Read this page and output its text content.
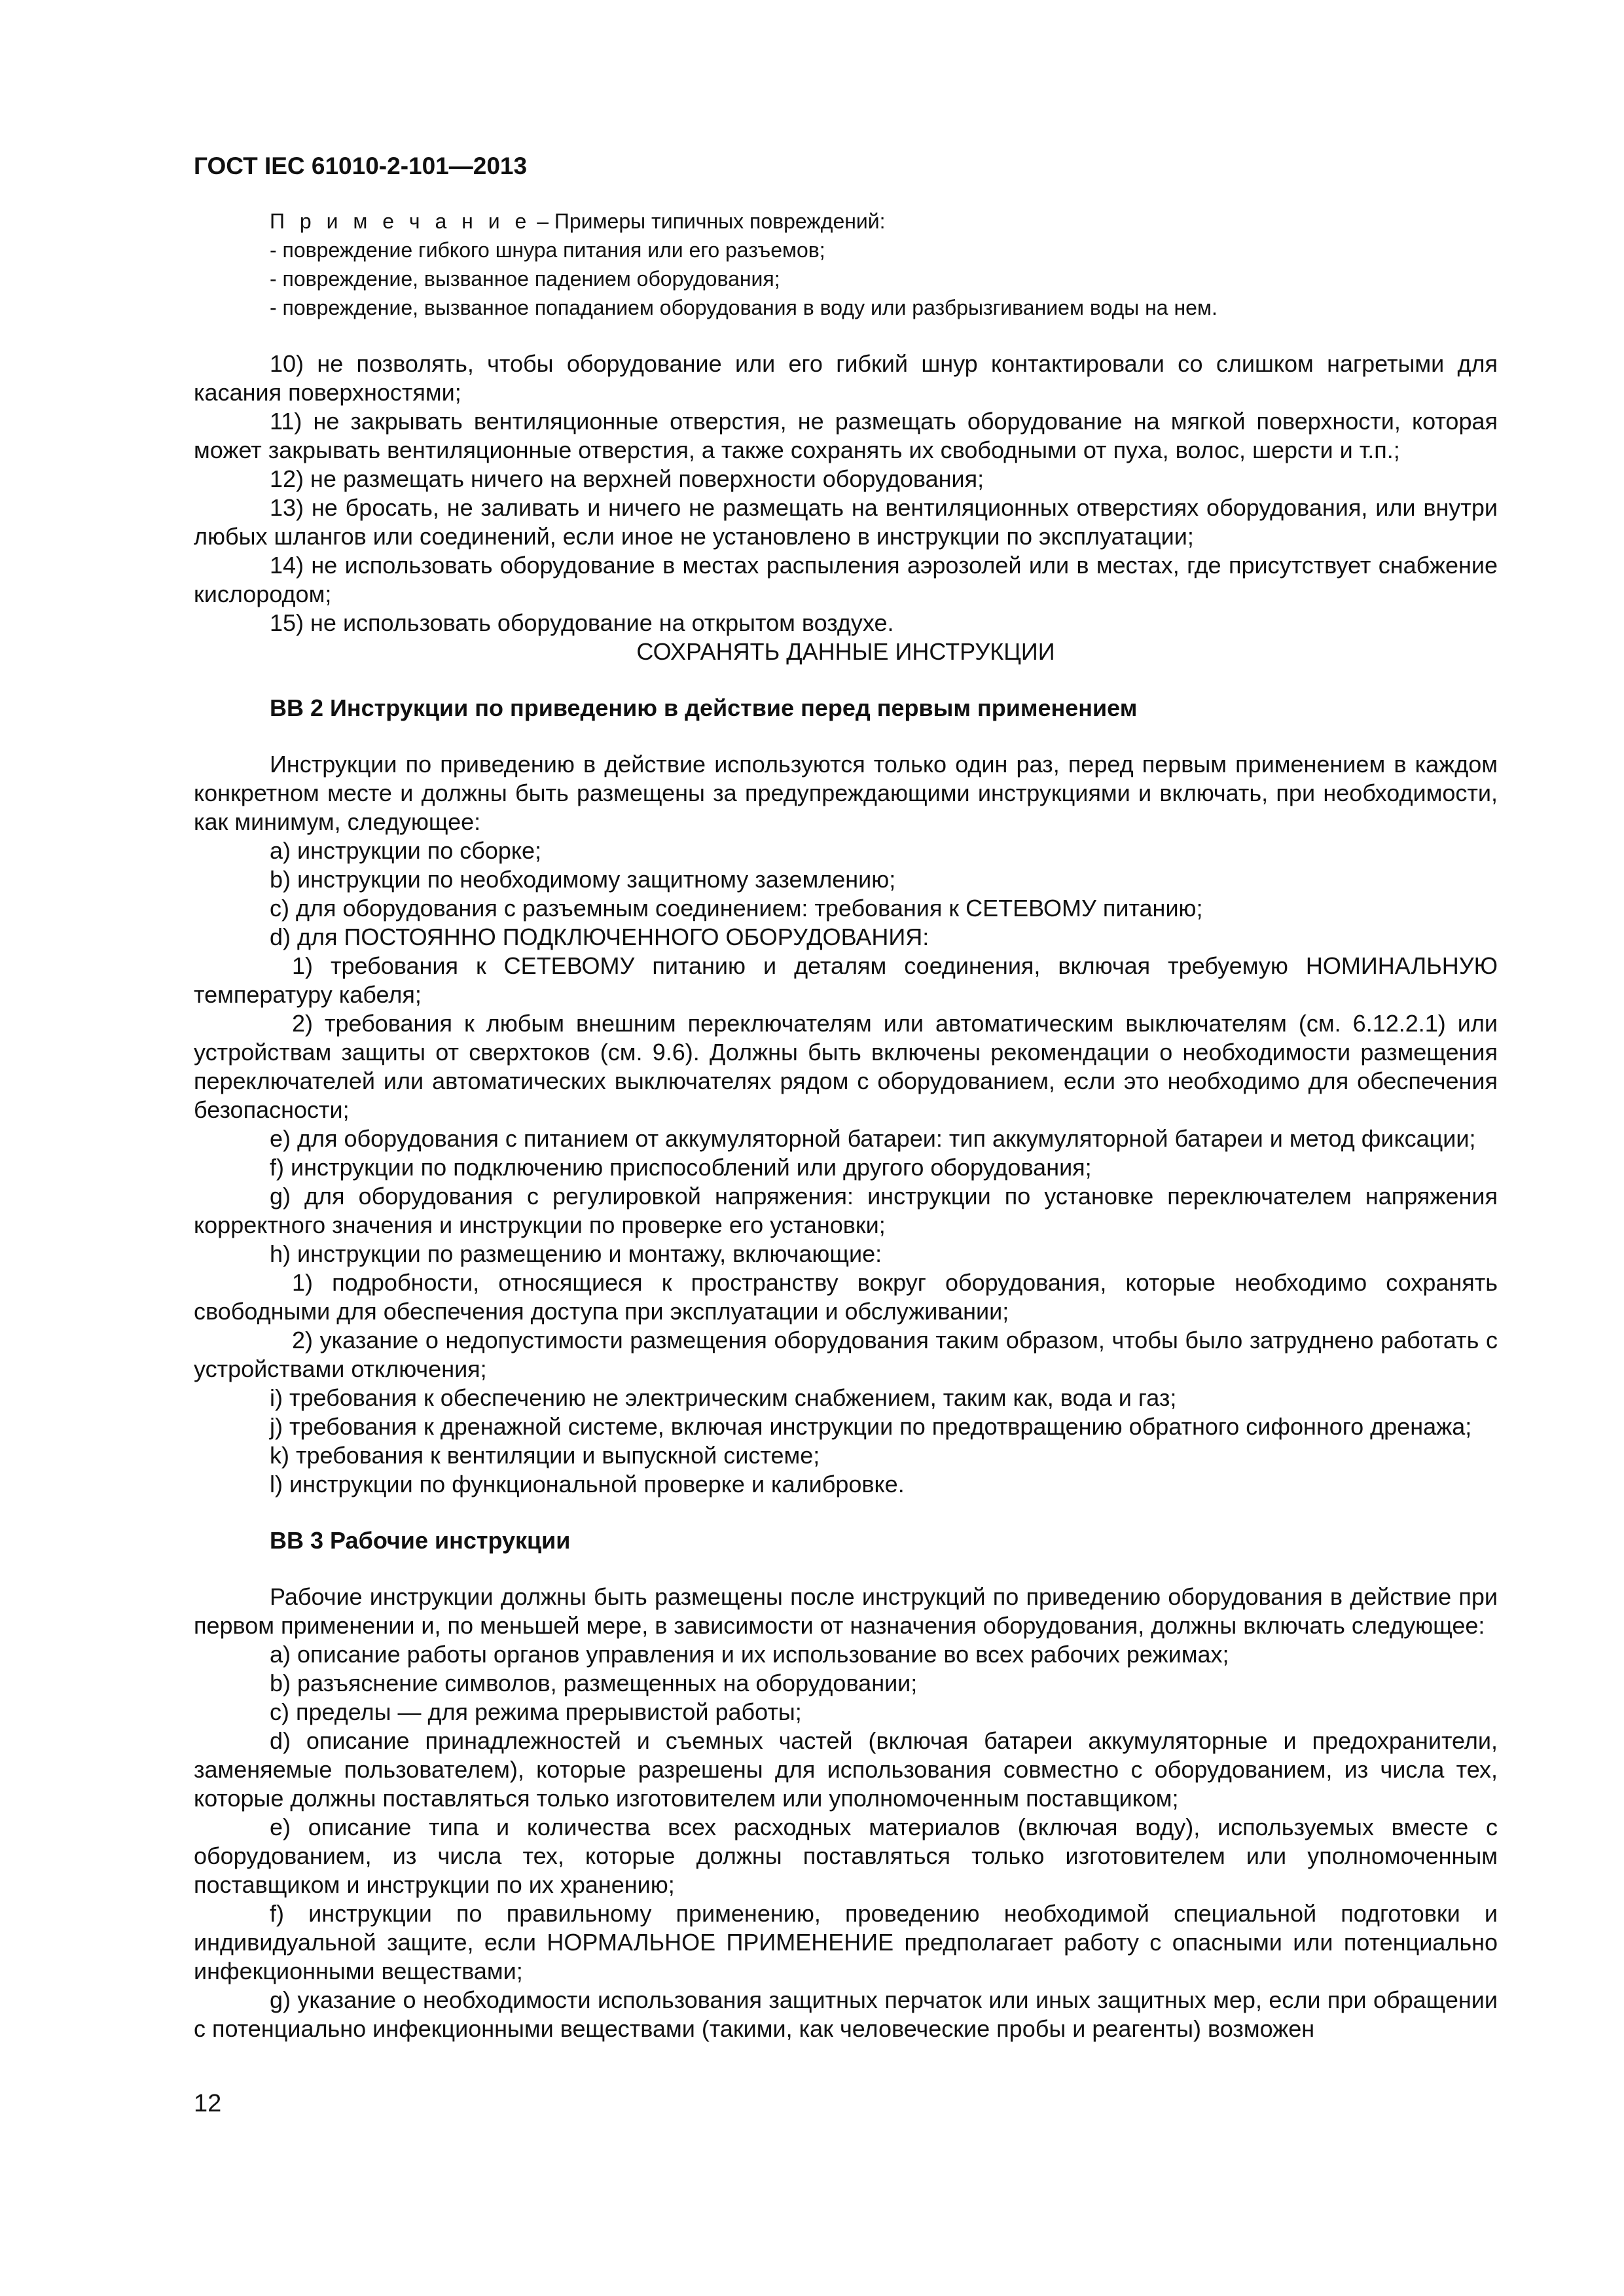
ГОСТ IEC 61010-2-101—2013
П р и м е ч а н и е – Примеры типичных повреждений:
- повреждение гибкого шнура питания или его разъемов;
- повреждение, вызванное падением оборудования;
- повреждение, вызванное попаданием оборудования в воду или разбрызгиванием воды на нем.

10) не позволять, чтобы оборудование или его гибкий шнур контактировали со слишком нагретыми для касания поверхностями;

11) не закрывать вентиляционные отверстия, не размещать оборудование на мягкой поверхности, которая может закрывать вентиляционные отверстия, а также сохранять их свободными от пуха, волос, шерсти и т.п.;

12) не размещать ничего на верхней поверхности оборудования;

13) не бросать, не заливать и ничего не размещать на вентиляционных отверстиях оборудования, или внутри любых шлангов или соединений, если иное не установлено в инструкции по эксплуатации;

14) не использовать оборудование в местах распыления аэрозолей или в местах, где присутствует снабжение кислородом;

15) не использовать оборудование на открытом воздухе.

СОХРАНЯТЬ ДАННЫЕ ИНСТРУКЦИИ
ВВ 2 Инструкции по приведению в действие перед первым применением

Инструкции по приведению в действие используются только один раз, перед первым применением в каждом конкретном месте и должны быть размещены за предупреждающими инструкциями и включать, при необходимости, как минимум, следующее:

a) инструкции по сборке;

b) инструкции по необходимому защитному заземлению;

c) для оборудования с разъемным соединением: требования к СЕТЕВОМУ питанию;

d) для ПОСТОЯННО ПОДКЛЮЧЕННОГО ОБОРУДОВАНИЯ:

1) требования к СЕТЕВОМУ питанию и деталям соединения, включая требуемую НОМИНАЛЬНУЮ температуру кабеля;

2) требования к любым внешним переключателям или автоматическим выключателям (см. 6.12.2.1) или устройствам защиты от сверхтоков (см. 9.6). Должны быть включены рекомендации о необходимости размещения переключателей или автоматических выключателях рядом с оборудованием, если это необходимо для обеспечения безопасности;

e) для оборудования с питанием от аккумуляторной батареи: тип аккумуляторной батареи и метод фиксации;

f) инструкции по подключению приспособлений или другого оборудования;

g) для оборудования с регулировкой напряжения: инструкции по установке переключателем напряжения корректного значения и инструкции по проверке его установки;

h) инструкции по размещению и монтажу, включающие:

1) подробности, относящиеся к пространству вокруг оборудования, которые необходимо сохранять свободными для обеспечения доступа при эксплуатации и обслуживании;

2) указание о недопустимости размещения оборудования таким образом, чтобы было затруднено работать с устройствами отключения;

i) требования к обеспечению не электрическим снабжением, таким как, вода и газ;

j) требования к дренажной системе, включая инструкции по предотвращению обратного сифонного дренажа;

k) требования к вентиляции и выпускной системе;

l) инструкции по функциональной проверке и калибровке.

ВВ 3 Рабочие инструкции

Рабочие инструкции должны быть размещены после инструкций по приведению оборудования в действие при первом применении и, по меньшей мере, в зависимости от назначения оборудования, должны включать следующее:

a) описание работы органов управления и их использование во всех рабочих режимах;

b) разъяснение символов, размещенных на оборудовании;

c) пределы — для режима прерывистой работы;

d) описание принадлежностей и съемных частей (включая батареи аккумуляторные и предохранители, заменяемые пользователем), которые разрешены для использования совместно с оборудованием, из числа тех, которые должны поставляться только изготовителем или уполномоченным поставщиком;

e) описание типа и количества всех расходных материалов (включая воду), используемых вместе с оборудованием, из числа тех, которые должны поставляться только изготовителем или уполномоченным поставщиком и инструкции по их хранению;

f) инструкции по правильному применению, проведению необходимой специальной подготовки и индивидуальной защите, если НОРМАЛЬНОЕ ПРИМЕНЕНИЕ предполагает работу с опасными или потенциально инфекционными веществами;

g) указание о необходимости использования защитных перчаток или иных защитных мер, если при обращении с потенциально инфекционными веществами (такими, как человеческие пробы и реагенты) возможен

12
